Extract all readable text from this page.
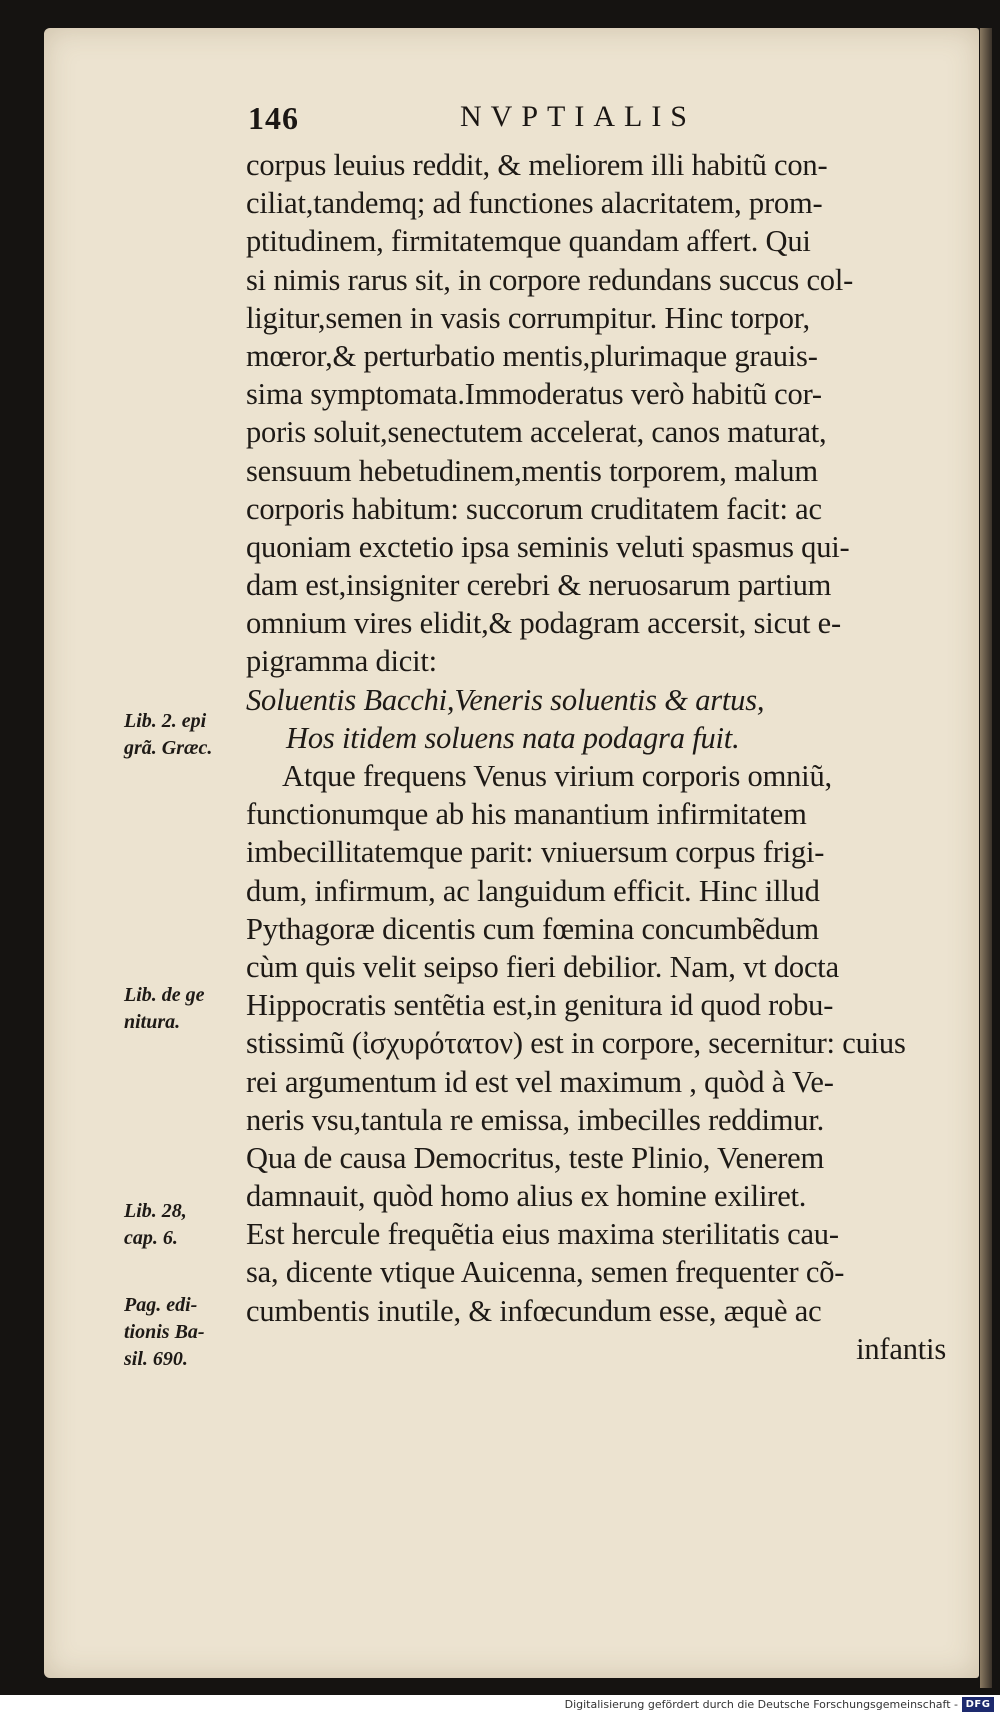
146	NVPTIALIS
corpus leuius reddit, & meliorem illi habitũ con-
ciliat,tandemq; ad functiones alacritatem, prom-
ptitudinem, firmitatemque quandam affert. Qui
si nimis rarus sit, in corpore redundans succus col-
ligitur,semen in vasis corrumpitur. Hinc torpor,
mœror,& perturbatio mentis,plurimaque grauis-
sima symptomata.Immoderatus verò habitũ cor-
poris soluit,senectutem accelerat, canos maturat,
sensuum hebetudinem,mentis torporem, malum
corporis habitum: succorum cruditatem facit: ac
quoniam exctetio ipsa seminis veluti spasmus qui-
dam est,insigniter cerebri & neruosarum partium
omnium vires elidit,& podagram accersit, sicut e-
pigramma dicit:
Soluentis Bacchi,Veneris soluentis & artus,
Hos itidem soluens nata podagra fuit.
Atque frequens Venus virium corporis omniũ,
functionumque ab his manantium infirmitatem
imbecillitatemque parit: vniuersum corpus frigi-
dum, infirmum, ac languidum efficit. Hinc illud
Pythagoræ dicentis cum fœmina concumbẽdum
cùm quis velit seipso fieri debilior. Nam, vt docta
Hippocratis sentẽtia est,in genitura id quod robu-
stissimũ (ἰσχυρότατον) est in corpore, secernitur: cuius
rei argumentum id est vel maximum , quòd à Ve-
neris vsu,tantula re emissa, imbecilles reddimur.
Qua de causa Democritus, teste Plinio, Venerem
damnauit, quòd homo alius ex homine exiliret.
Est hercule frequẽtia eius maxima sterilitatis cau-
sa, dicente vtique Auicenna, semen frequenter cõ-
cumbentis inutile, & infœcundum esse, æquè ac
infantis
Lib. 2. epi
grã. Græc.
Lib. de ge
nitura.
Lib. 28,
cap. 6.
Pag. edi-
tionis Ba-
sil. 690.
Digitalisierung gefördert durch die Deutsche Forschungsgemeinschaft - DFG
